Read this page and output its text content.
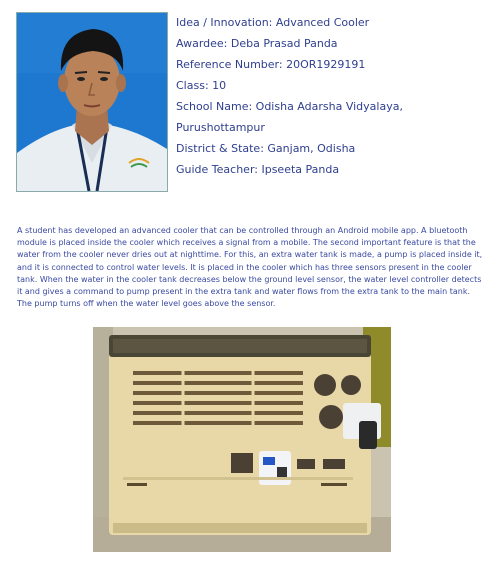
Idea / Innovation: Advanced Cooler
Awardee: Deba Prasad Panda
Reference Number: 20OR1929191
Class: 10
School Name: Odisha Adarsha Vidyalaya,
Purushottampur
District & State: Ganjam, Odisha
Guide Teacher: Ipseeta Panda

A student has developed an advanced cooler that can be controlled through an Android mobile app. A bluetooth module is placed inside the cooler which receives a signal from a mobile. The second important feature is that the water from the cooler never dries out at nighttime. For this, an extra water tank is made, a pump is placed inside it, and it is connected to control water levels. It is placed in the cooler which has three sensors present in the cooler tank. When the water in the cooler tank decreases below the ground level sensor, the water level controller detects it and gives a command to pump present in the extra tank and water flows from the extra tank to the main tank. The pump turns off when the water level goes above the sensor.
